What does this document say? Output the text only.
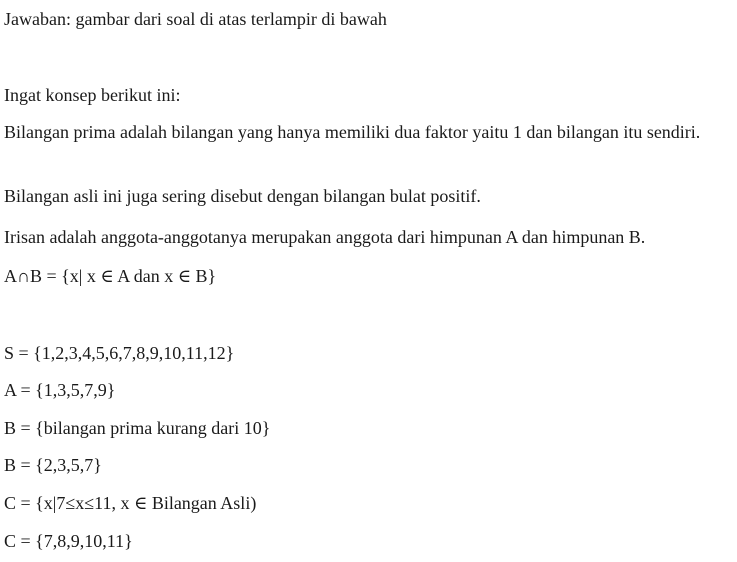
Jawaban: gambar dari soal di atas terlampir di bawah

Ingat konsep berikut ini:

Bilangan prima adalah bilangan yang hanya memiliki dua faktor yaitu 1 dan bilangan itu sendiri.

Bilangan asli ini juga sering disebut dengan bilangan bulat positif.

Irisan adalah anggota-anggotanya merupakan anggota dari himpunan A dan himpunan B.

A∩B = {x| x ∈ A dan x ∈ B}

S = {1,2,3,4,5,6,7,8,9,10,11,12}

A = {1,3,5,7,9}

B = {bilangan prima kurang dari 10}

B = {2,3,5,7}

C = {x|7≤x≤11, x ∈ Bilangan Asli)

C = {7,8,9,10,11}
